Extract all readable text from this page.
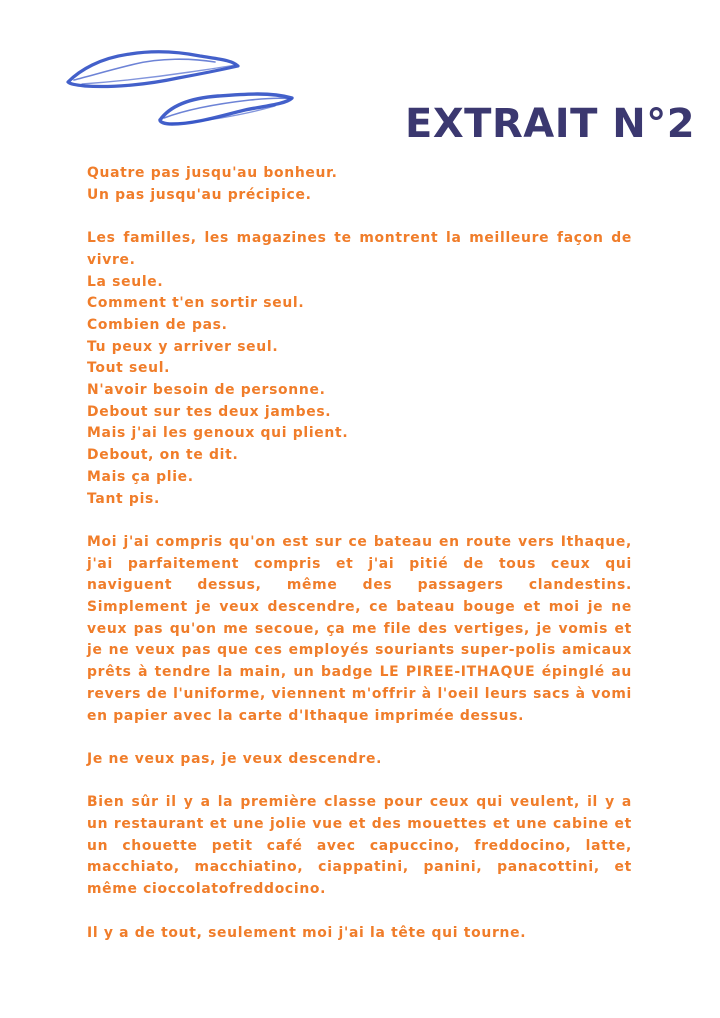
EXTRAIT N°2

Quatre pas jusqu'au bonheur.
Un pas jusqu'au précipice.

Les familles, les magazines te montrent la meilleure façon de vivre.
La seule.
Comment t'en sortir seul.
Combien de pas.
Tu peux y arriver seul.
Tout seul.
N'avoir besoin de personne.
Debout sur tes deux jambes.
Mais j'ai les genoux qui plient.
Debout, on te dit.
Mais ça plie.
Tant pis.

Moi j'ai compris qu'on est sur ce bateau en route vers Ithaque, j'ai parfaitement compris et j'ai pitié de tous ceux qui naviguent dessus, même des passagers clandestins. Simplement je veux descendre, ce bateau bouge et moi je ne veux pas qu'on me secoue, ça me file des vertiges, je vomis et je ne veux pas que ces employés souriants super-polis amicaux prêts à tendre la main, un badge LE PIREE-ITHAQUE épinglé au revers de l'uniforme, viennent m'offrir à l'oeil leurs sacs à vomi en papier avec la carte d'Ithaque imprimée dessus.

Je ne veux pas, je veux descendre.

Bien sûr il y a la première classe pour ceux qui veulent, il y a un restaurant et une jolie vue et des mouettes et une cabine et un chouette petit café avec capuccino, freddocino, latte, macchiato, macchiatino, ciappatini, panini, panacottini, et même cioccolatofreddocino.

Il y a de tout, seulement moi j'ai la tête qui tourne.
